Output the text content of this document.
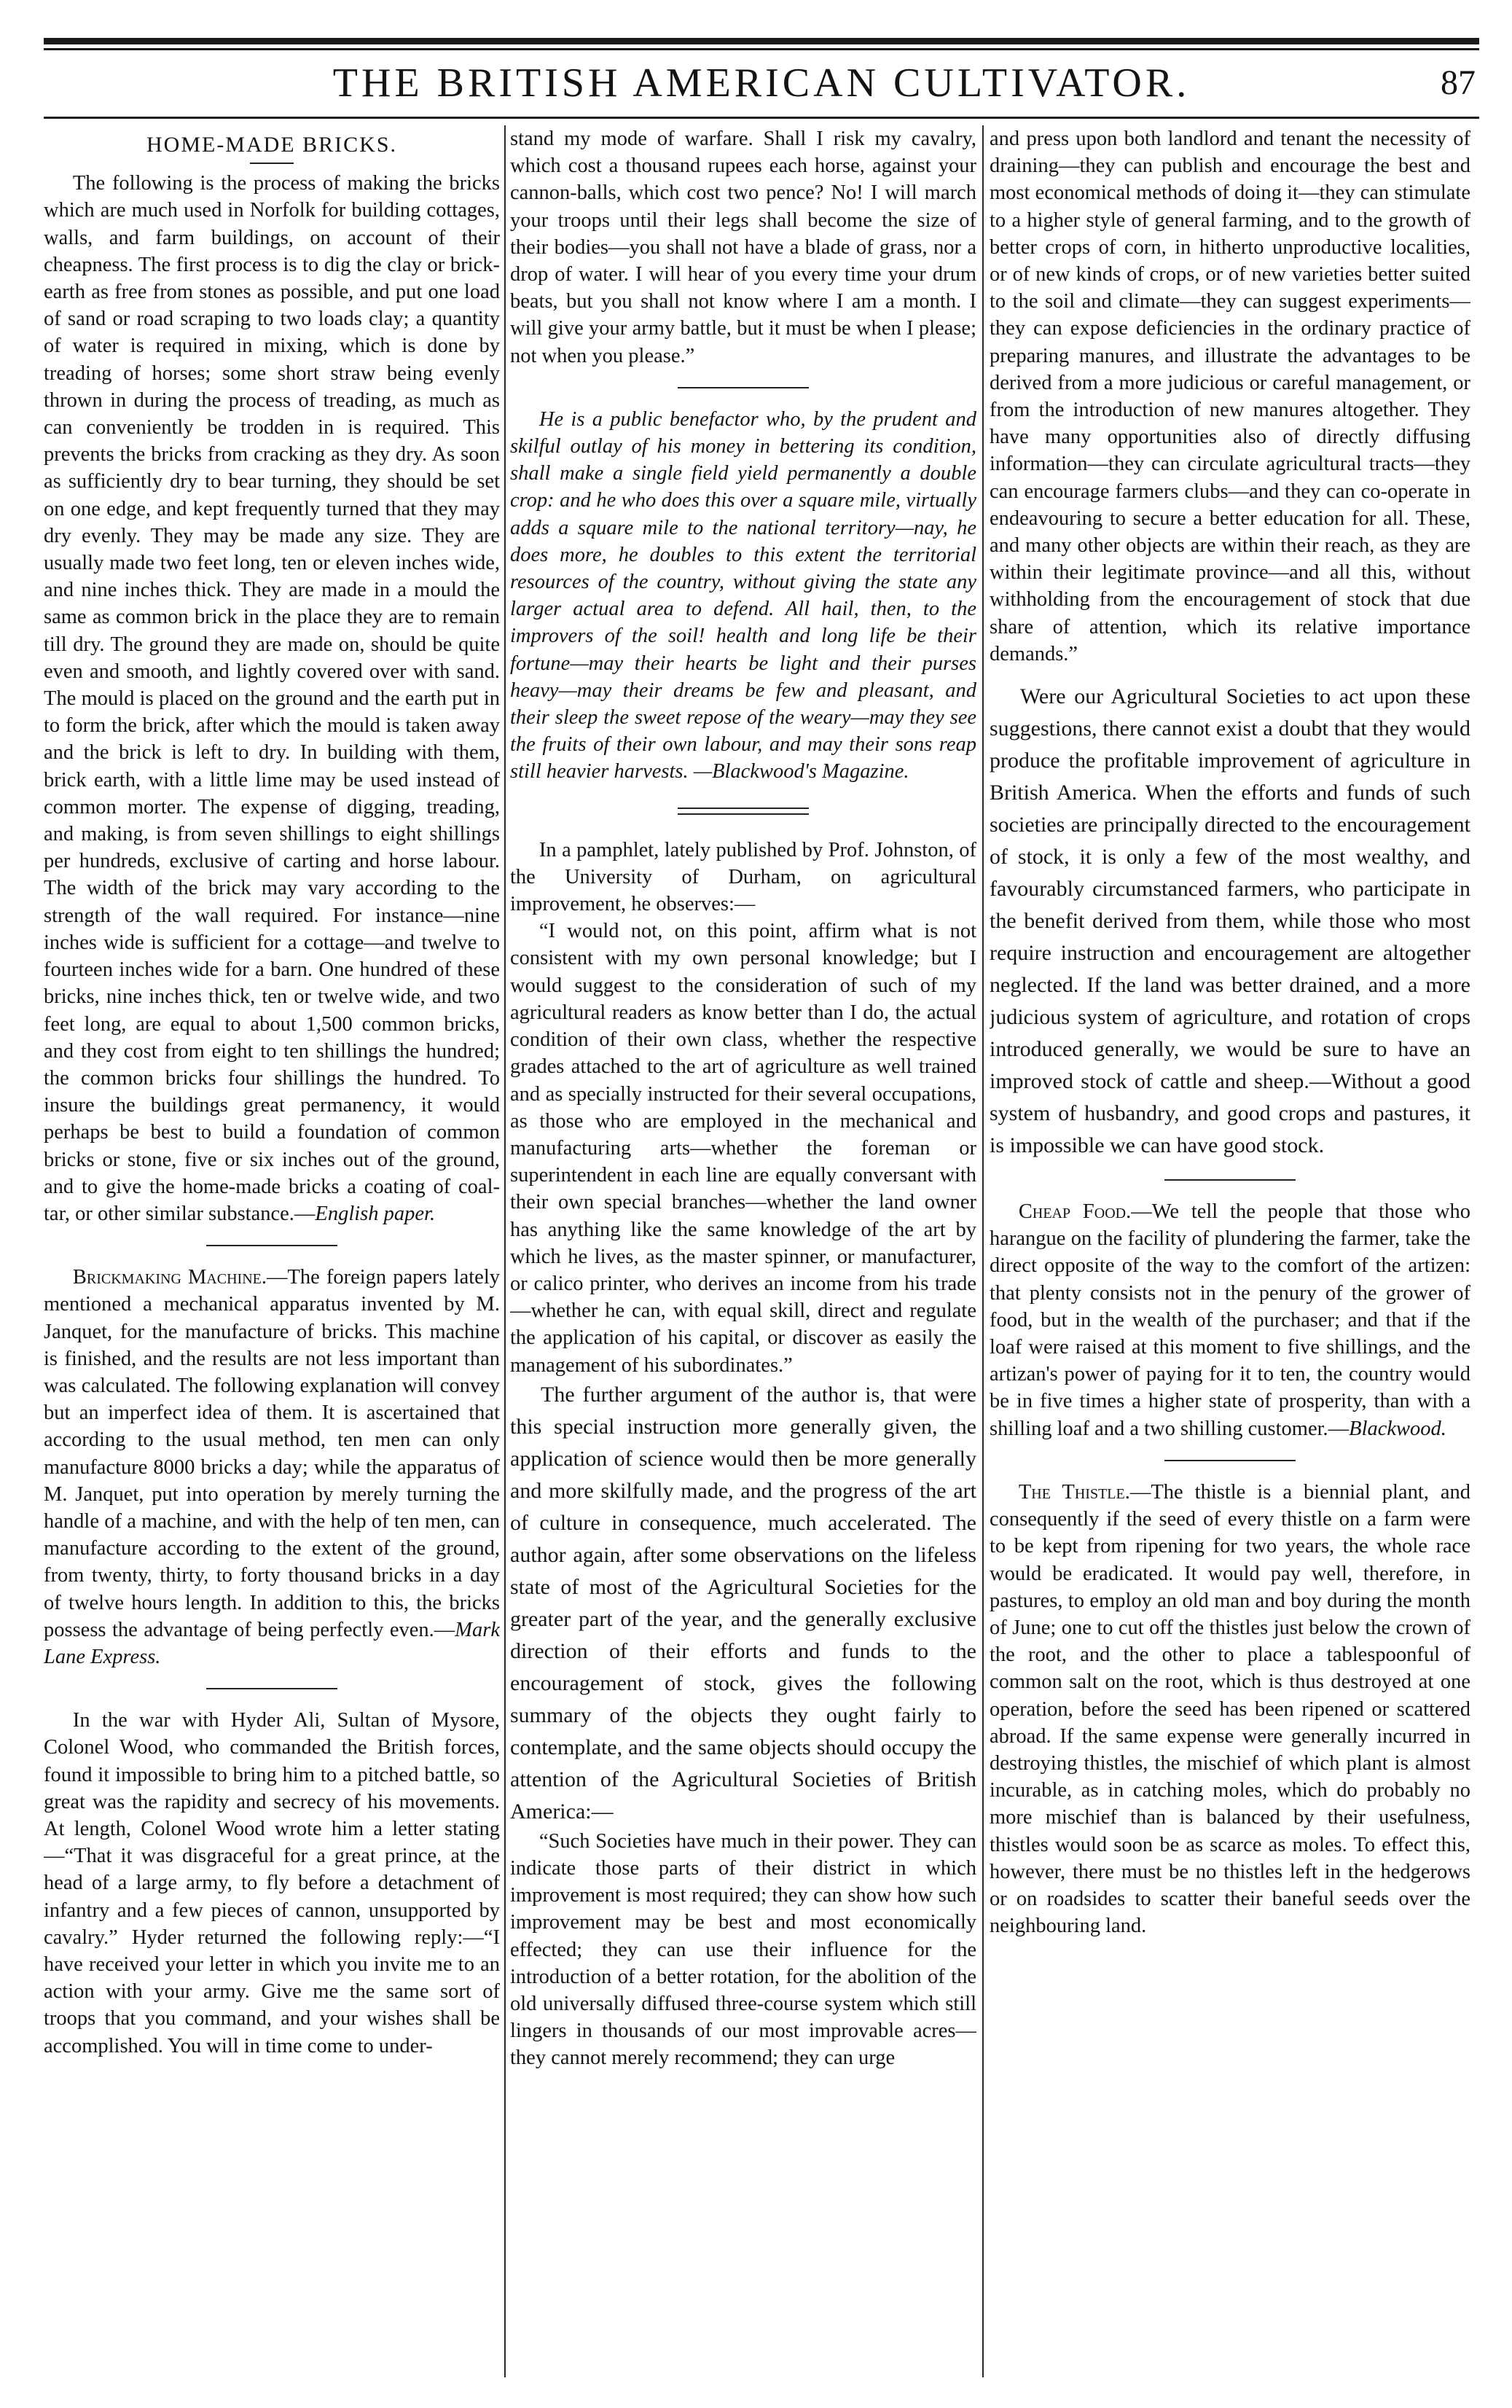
THE BRITISH AMERICAN CULTIVATOR.	87
HOME-MADE BRICKS.

The following is the process of making the bricks which are much used in Norfolk for building cottages, walls, and farm buildings, on account of their cheapness. The first process is to dig the clay or brick-earth as free from stones as possible, and put one load of sand or road scraping to two loads clay; a quantity of water is required in mixing, which is done by treading of horses; some short straw being evenly thrown in during the process of treading, as much as can conveniently be trodden in is required. This prevents the bricks from cracking as they dry. As soon as sufficiently dry to bear turning, they should be set on one edge, and kept frequently turned that they may dry evenly. They may be made any size. They are usually made two feet long, ten or eleven inches wide, and nine inches thick. They are made in a mould the same as common brick in the place they are to remain till dry. The ground they are made on, should be quite even and smooth, and lightly covered over with sand. The mould is placed on the ground and the earth put in to form the brick, after which the mould is taken away and the brick is left to dry. In building with them, brick earth, with a little lime may be used instead of common morter. The expense of digging, treading, and making, is from seven shillings to eight shillings per hundreds, exclusive of carting and horse labour. The width of the brick may vary according to the strength of the wall required. For instance—nine inches wide is sufficient for a cottage—and twelve to fourteen inches wide for a barn. One hundred of these bricks, nine inches thick, ten or twelve wide, and two feet long, are equal to about 1,500 common bricks, and they cost from eight to ten shillings the hundred; the common bricks four shillings the hundred. To insure the buildings great permanency, it would perhaps be best to build a foundation of common bricks or stone, five or six inches out of the ground, and to give the home-made bricks a coating of coal-tar, or other similar substance.—English paper.

Brickmaking Machine.—The foreign papers lately mentioned a mechanical apparatus invented by M. Janquet, for the manufacture of bricks. This machine is finished, and the results are not less important than was calculated. The following explanation will convey but an imperfect idea of them. It is ascertained that according to the usual method, ten men can only manufacture 8000 bricks a day; while the apparatus of M. Janquet, put into operation by merely turning the handle of a machine, and with the help of ten men, can manufacture according to the extent of the ground, from twenty, thirty, to forty thousand bricks in a day of twelve hours length. In addition to this, the bricks possess the advantage of being perfectly even.—Mark Lane Express.

In the war with Hyder Ali, Sultan of Mysore, Colonel Wood, who commanded the British forces, found it impossible to bring him to a pitched battle, so great was the rapidity and secrecy of his movements. At length, Colonel Wood wrote him a letter stating—“That it was disgraceful for a great prince, at the head of a large army, to fly before a detachment of infantry and a few pieces of cannon, unsupported by cavalry.” Hyder returned the following reply:—“I have received your letter in which you invite me to an action with your army. Give me the same sort of troops that you command, and your wishes shall be accomplished. You will in time come to under-

stand my mode of warfare. Shall I risk my cavalry, which cost a thousand rupees each horse, against your cannon-balls, which cost two pence? No! I will march your troops until their legs shall become the size of their bodies—you shall not have a blade of grass, nor a drop of water. I will hear of you every time your drum beats, but you shall not know where I am a month. I will give your army battle, but it must be when I please; not when you please.”

He is a public benefactor who, by the prudent and skilful outlay of his money in bettering its condition, shall make a single field yield permanently a double crop: and he who does this over a square mile, virtually adds a square mile to the national territory—nay, he does more, he doubles to this extent the territorial resources of the country, without giving the state any larger actual area to defend. All hail, then, to the improvers of the soil! health and long life be their fortune—may their hearts be light and their purses heavy—may their dreams be few and pleasant, and their sleep the sweet repose of the weary—may they see the fruits of their own labour, and may their sons reap still heavier harvests. —Blackwood's Magazine.

In a pamphlet, lately published by Prof. Johnston, of the University of Durham, on agricultural improvement, he observes:—

“I would not, on this point, affirm what is not consistent with my own personal knowledge; but I would suggest to the consideration of such of my agricultural readers as know better than I do, the actual condition of their own class, whether the respective grades attached to the art of agriculture as well trained and as specially instructed for their several occupations, as those who are employed in the mechanical and manufacturing arts—whether the foreman or superintendent in each line are equally conversant with their own special branches—whether the land owner has anything like the same knowledge of the art by which he lives, as the master spinner, or manufacturer, or calico printer, who derives an income from his trade—whether he can, with equal skill, direct and regulate the application of his capital, or discover as easily the management of his subordinates.”

The further argument of the author is, that were this special instruction more generally given, the application of science would then be more generally and more skilfully made, and the progress of the art of culture in consequence, much accelerated. The author again, after some observations on the lifeless state of most of the Agricultural Societies for the greater part of the year, and the generally exclusive direction of their efforts and funds to the encouragement of stock, gives the following summary of the objects they ought fairly to contemplate, and the same objects should occupy the attention of the Agricultural Societies of British America:—

“Such Societies have much in their power. They can indicate those parts of their district in which improvement is most required; they can show how such improvement may be best and most economically effected; they can use their influence for the introduction of a better rotation, for the abolition of the old universally diffused three-course system which still lingers in thousands of our most improvable acres—they cannot merely recommend; they can urge

and press upon both landlord and tenant the necessity of draining—they can publish and encourage the best and most economical methods of doing it—they can stimulate to a higher style of general farming, and to the growth of better crops of corn, in hitherto unproductive localities, or of new kinds of crops, or of new varieties better suited to the soil and climate—they can suggest experiments—they can expose deficiencies in the ordinary practice of preparing manures, and illustrate the advantages to be derived from a more judicious or careful management, or from the introduction of new manures altogether. They have many opportunities also of directly diffusing information—they can circulate agricultural tracts—they can encourage farmers clubs—and they can co-operate in endeavouring to secure a better education for all. These, and many other objects are within their reach, as they are within their legitimate province—and all this, without withholding from the encouragement of stock that due share of attention, which its relative importance demands.”

Were our Agricultural Societies to act upon these suggestions, there cannot exist a doubt that they would produce the profitable improvement of agriculture in British America. When the efforts and funds of such societies are principally directed to the encouragement of stock, it is only a few of the most wealthy, and favourably circumstanced farmers, who participate in the benefit derived from them, while those who most require instruction and encouragement are altogether neglected. If the land was better drained, and a more judicious system of agriculture, and rotation of crops introduced generally, we would be sure to have an improved stock of cattle and sheep.—Without a good system of husbandry, and good crops and pastures, it is impossible we can have good stock.

Cheap Food.—We tell the people that those who harangue on the facility of plundering the farmer, take the direct opposite of the way to the comfort of the artizen: that plenty consists not in the penury of the grower of food, but in the wealth of the purchaser; and that if the loaf were raised at this moment to five shillings, and the artizan's power of paying for it to ten, the country would be in five times a higher state of prosperity, than with a shilling loaf and a two shilling customer.—Blackwood.

The Thistle.—The thistle is a biennial plant, and consequently if the seed of every thistle on a farm were to be kept from ripening for two years, the whole race would be eradicated. It would pay well, therefore, in pastures, to employ an old man and boy during the month of June; one to cut off the thistles just below the crown of the root, and the other to place a tablespoonful of common salt on the root, which is thus destroyed at one operation, before the seed has been ripened or scattered abroad. If the same expense were generally incurred in destroying thistles, the mischief of which plant is almost incurable, as in catching moles, which do probably no more mischief than is balanced by their usefulness, thistles would soon be as scarce as moles. To effect this, however, there must be no thistles left in the hedgerows or on roadsides to scatter their baneful seeds over the neighbouring land.
